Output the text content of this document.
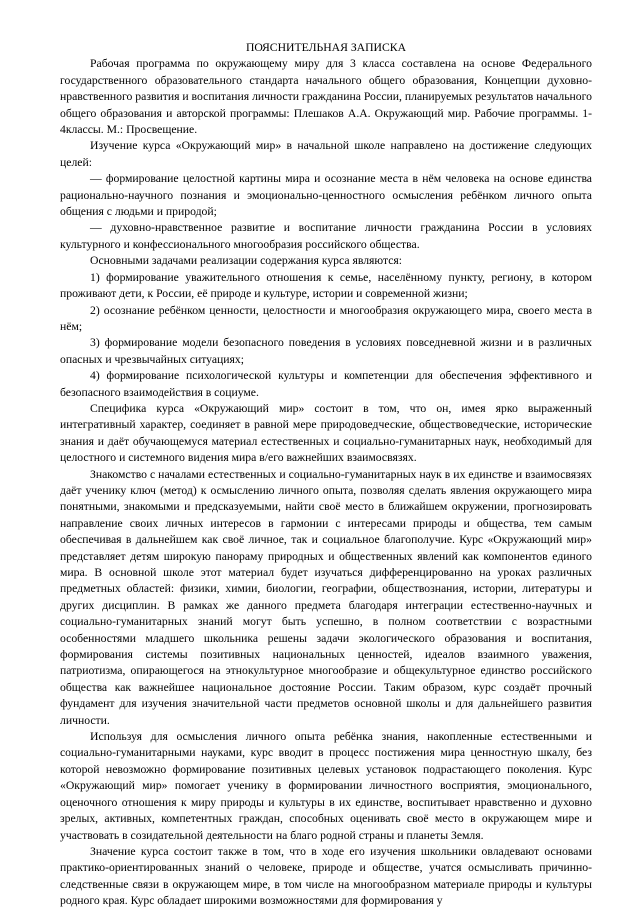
ПОЯСНИТЕЛЬНАЯ ЗАПИСКА

Рабочая программа по окружающему миру для 3 класса составлена на основе Федерального государственного образовательного стандарта начального общего образования, Концепции духовно-нравственного развития и воспитания личности гражданина России, планируемых результатов начального общего образования и авторской программы: Плешаков А.А. Окружающий мир. Рабочие программы. 1-4классы. М.: Просвещение.

Изучение курса «Окружающий мир» в начальной школе направлено на достижение следующих целей:

— формирование целостной картины мира и осознание места в нём человека на основе единства рационально-научного познания и эмоционально-ценностного осмысления ребёнком личного опыта общения с людьми и природой;

— духовно-нравственное развитие и воспитание личности гражданина России в условиях культурного и конфессионального многообразия российского общества.

Основными задачами реализации содержания курса являются:

1) формирование уважительного отношения к семье, населённому пункту, региону, в котором проживают дети, к России, её природе и культуре, истории и современной жизни;

2) осознание ребёнком ценности, целостности и многообразия окружающего мира, своего места в нём;

3) формирование модели безопасного поведения в условиях повседневной жизни и в различных опасных и чрезвычайных ситуациях;

4) формирование психологической культуры и компетенции для обеспечения эффективного и безопасного взаимодействия в социуме.

Специфика курса «Окружающий мир» состоит в том, что он, имея ярко выраженный интегративный характер, соединяет в равной мере природоведческие, обществоведческие, исторические знания и даёт обучающемуся материал естественных и социально-гуманитарных наук, необходимый для целостного и системного видения мира в/его важнейших взаимосвязях.

Знакомство с началами естественных и социально-гуманитарных наук в их единстве и взаимосвязях даёт ученику ключ (метод) к осмыслению личного опыта, позволяя сделать явления окружающего мира понятными, знакомыми и предсказуемыми, найти своё место в ближайшем окружении, прогнозировать направление своих личных интересов в гармонии с интересами природы и общества, тем самым обеспечивая в дальнейшем как своё личное, так и социальное благополучие. Курс «Окружающий мир» представляет детям широкую панораму природных и общественных явлений как компонентов единого мира. В основной школе этот материал будет изучаться дифференцированно на уроках различных предметных областей: физики, химии, биологии, географии, обществознания, истории, литературы и других дисциплин. В рамках же данного предмета благодаря интеграции естественно-научных и социально-гуманитарных знаний могут быть успешно, в полном соответствии с возрастными особенностями младшего школьника решены задачи экологического образования и воспитания, формирования системы позитивных национальных ценностей, идеалов взаимного уважения, патриотизма, опирающегося на этнокультурное многообразие и общекультурное единство российского общества как важнейшее национальное достояние России. Таким образом, курс создаёт прочный фундамент для изучения значительной части предметов основной школы и для дальнейшего развития личности.

Используя для осмысления личного опыта ребёнка знания, накопленные естественными и социально-гуманитарными науками, курс вводит в процесс постижения мира ценностную шкалу, без которой невозможно формирование позитивных целевых установок подрастающего поколения. Курс «Окружающий мир» помогает ученику в формировании личностного восприятия, эмоционального, оценочного отношения к миру природы и культуры в их единстве, воспитывает нравственно и духовно зрелых, активных, компетентных граждан, способных оценивать своё место в окружающем мире и участвовать в созидательной деятельности на благо родной страны и планеты Земля.

Значение курса состоит также в том, что в ходе его изучения школьники овладевают основами практико-ориентированных знаний о человеке, природе и обществе, учатся осмысливать причинно-следственные связи в окружающем мире, в том числе на многообразном материале природы и культуры родного края. Курс обладает широкими возможностями для формирования у
